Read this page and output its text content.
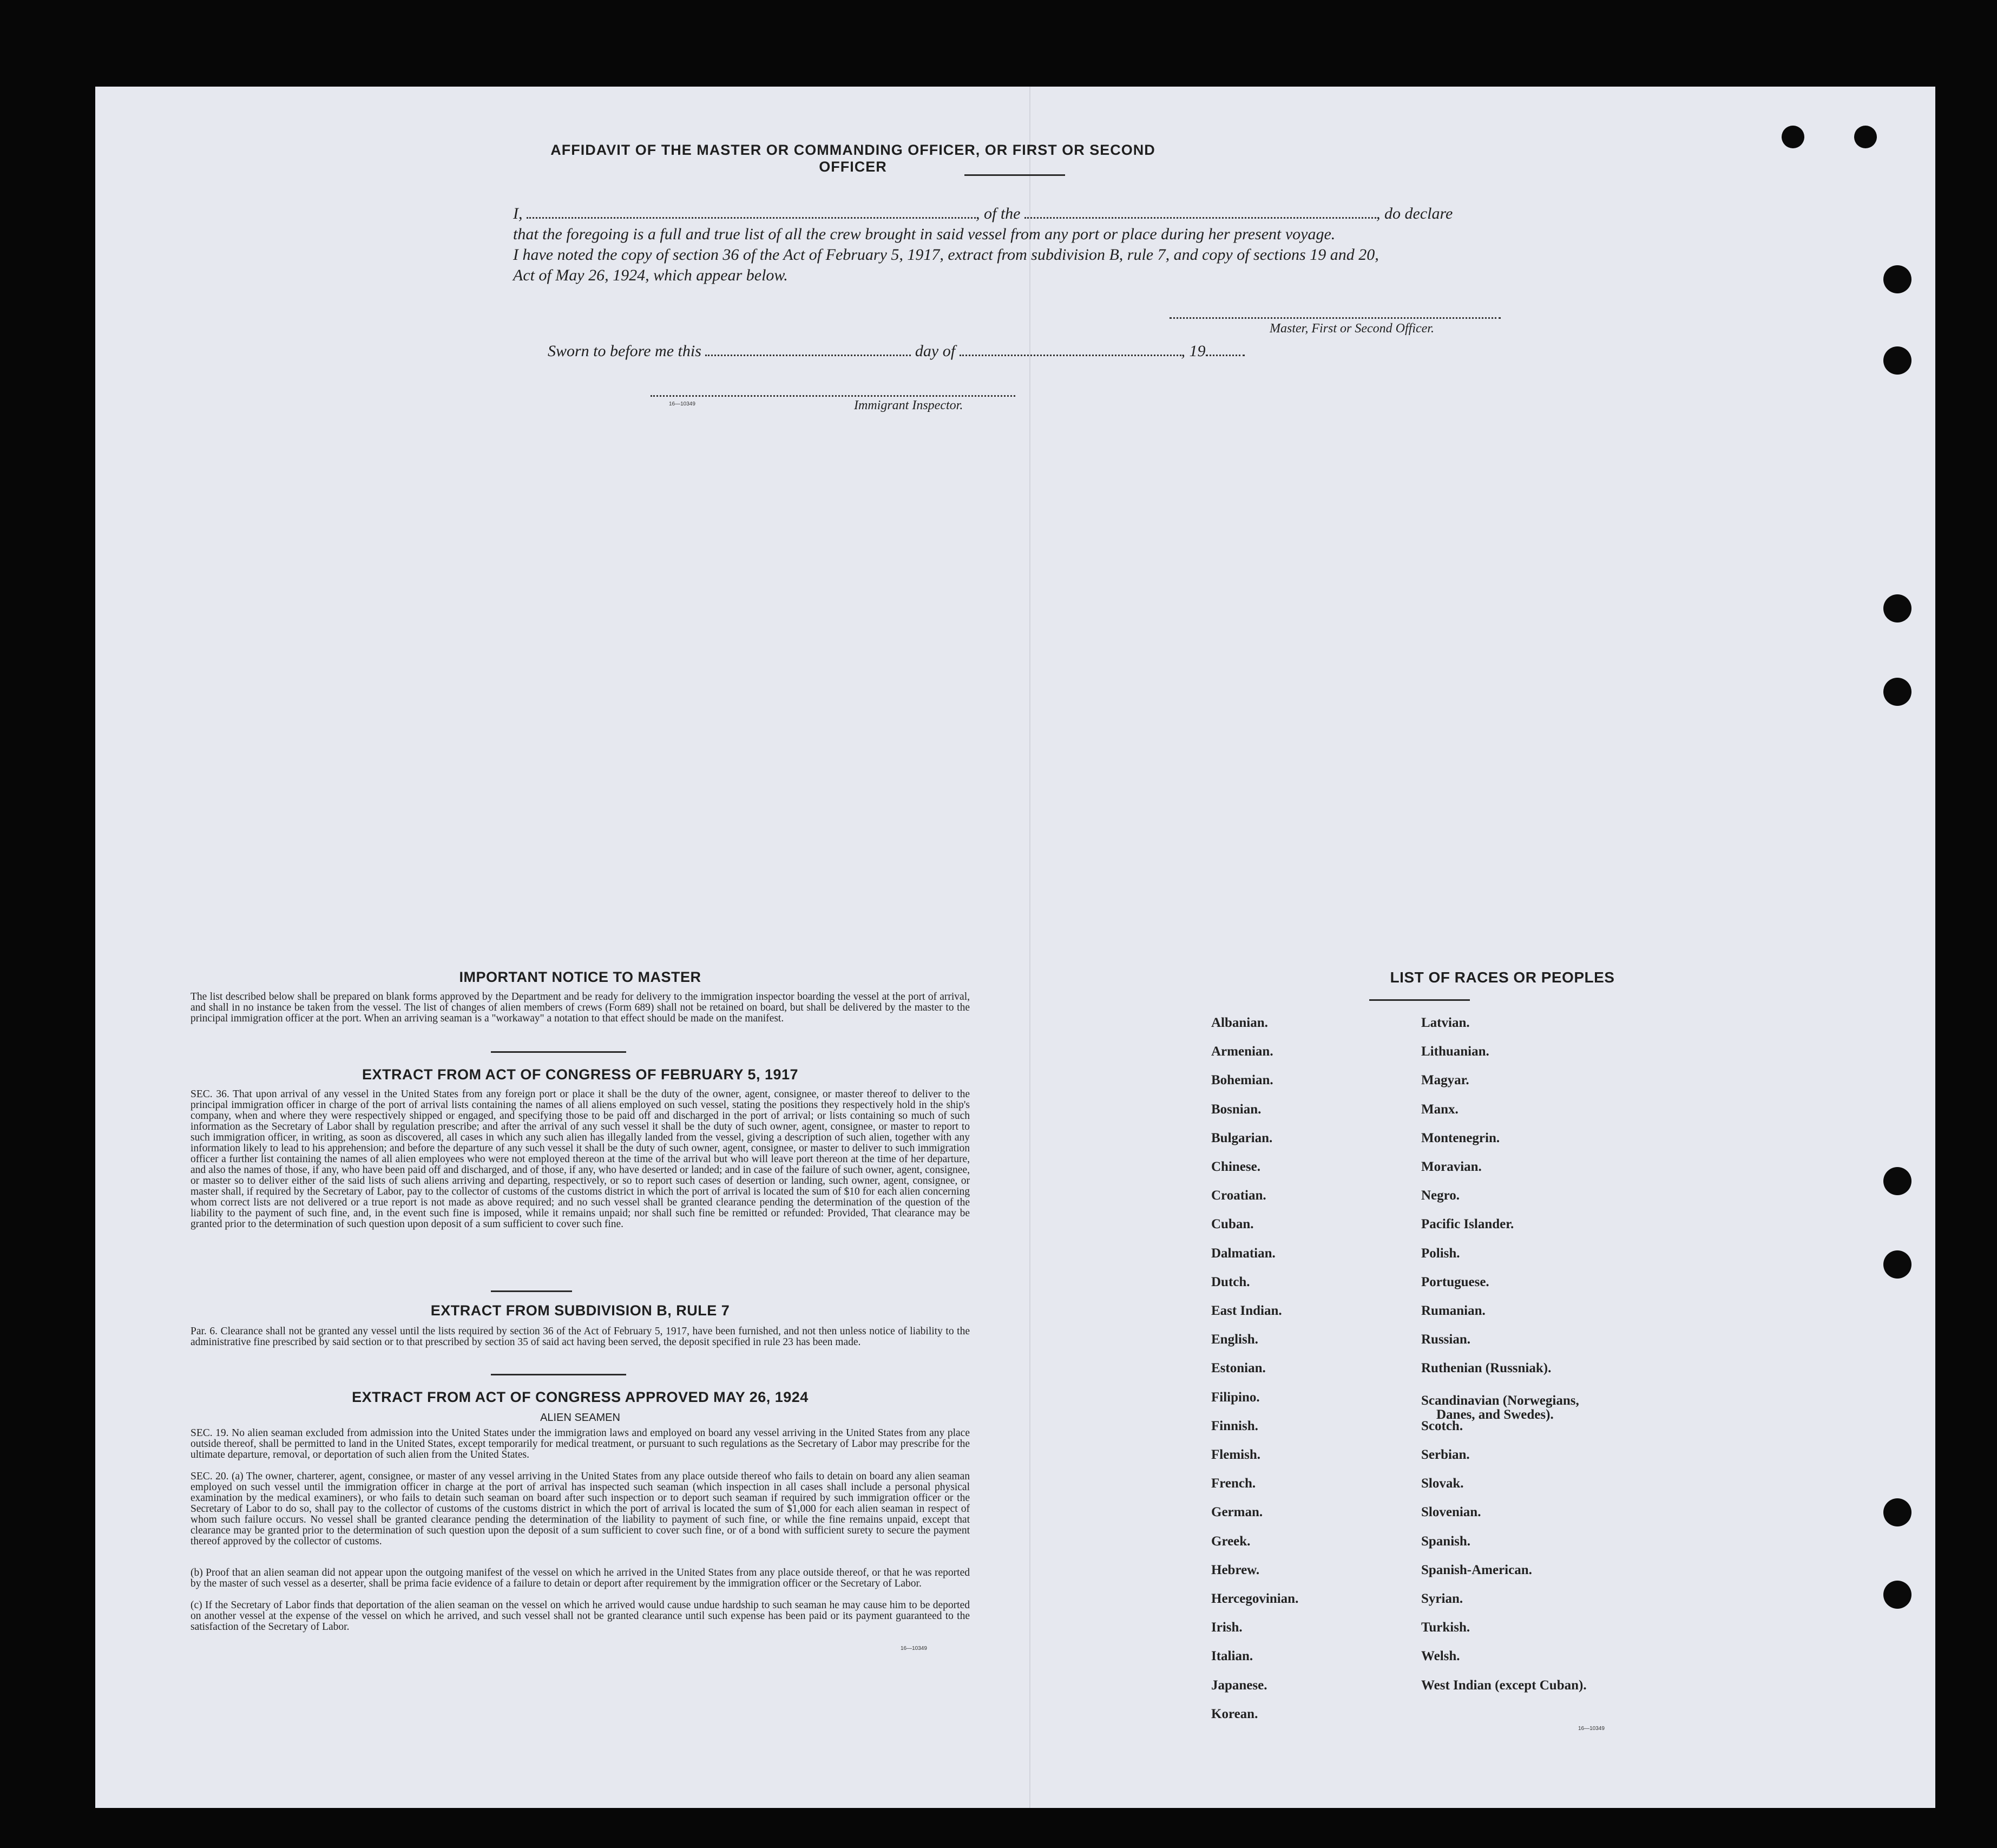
AFFIDAVIT OF THE MASTER OR COMMANDING OFFICER, OR FIRST OR SECOND OFFICER
I,	, of the	, do declare
that the foregoing is a full and true list of all the crew brought in said vessel from any port or place during her present voyage.
I have noted the copy of section 36 of the Act of February 5, 1917, extract from subdivision B, rule 7, and copy of sections 19 and 20,
Act of May 26, 1924, which appear below.
Master, First or Second Officer.
Sworn to before me this	day of	, 19
16—10349	Immigrant Inspector.
IMPORTANT NOTICE TO MASTER
The list described below shall be prepared on blank forms approved by the Department and be ready for delivery to the immigration inspector boarding the vessel at the port of arrival, and shall in no instance be taken from the vessel. The list of changes of alien members of crews (Form 689) shall not be retained on board, but shall be delivered by the master to the principal immigration officer at the port. When an arriving seaman is a "workaway" a notation to that effect should be made on the manifest.
EXTRACT FROM ACT OF CONGRESS OF FEBRUARY 5, 1917
SEC. 36. That upon arrival of any vessel in the United States from any foreign port or place it shall be the duty of the owner, agent, consignee, or master thereof to deliver to the principal immigration officer in charge of the port of arrival lists containing the names of all aliens employed on such vessel, stating the positions they respectively hold in the ship's company, when and where they were respectively shipped or engaged, and specifying those to be paid off and discharged in the port of arrival; or lists containing so much of such information as the Secretary of Labor shall by regulation prescribe; and after the arrival of any such vessel it shall be the duty of such owner, agent, consignee, or master to report to such immigration officer, in writing, as soon as discovered, all cases in which any such alien has illegally landed from the vessel, giving a description of such alien, together with any information likely to lead to his apprehension; and before the departure of any such vessel it shall be the duty of such owner, agent, consignee, or master to deliver to such immigration officer a further list containing the names of all alien employees who were not employed thereon at the time of the arrival but who will leave port thereon at the time of her departure, and also the names of those, if any, who have been paid off and discharged, and of those, if any, who have deserted or landed; and in case of the failure of such owner, agent, consignee, or master so to deliver either of the said lists of such aliens arriving and departing, respectively, or so to report such cases of desertion or landing, such owner, agent, consignee, or master shall, if required by the Secretary of Labor, pay to the collector of customs of the customs district in which the port of arrival is located the sum of $10 for each alien concerning whom correct lists are not delivered or a true report is not made as above required; and no such vessel shall be granted clearance pending the determination of the question of the liability to the payment of such fine, and, in the event such fine is imposed, while it remains unpaid; nor shall such fine be remitted or refunded: Provided, That clearance may be granted prior to the determination of such question upon deposit of a sum sufficient to cover such fine.
EXTRACT FROM SUBDIVISION B, RULE 7
Par. 6. Clearance shall not be granted any vessel until the lists required by section 36 of the Act of February 5, 1917, have been furnished, and not then unless notice of liability to the administrative fine prescribed by said section or to that prescribed by section 35 of said act having been served, the deposit specified in rule 23 has been made.
EXTRACT FROM ACT OF CONGRESS APPROVED MAY 26, 1924
ALIEN SEAMEN
SEC. 19. No alien seaman excluded from admission into the United States under the immigration laws and employed on board any vessel arriving in the United States from any place outside thereof, shall be permitted to land in the United States, except temporarily for medical treatment, or pursuant to such regulations as the Secretary of Labor may prescribe for the ultimate departure, removal, or deportation of such alien from the United States.
SEC. 20. (a) The owner, charterer, agent, consignee, or master of any vessel arriving in the United States from any place outside thereof who fails to detain on board any alien seaman employed on such vessel until the immigration officer in charge at the port of arrival has inspected such seaman (which inspection in all cases shall include a personal physical examination by the medical examiners), or who fails to detain such seaman on board after such inspection or to deport such seaman if required by such immigration officer or the Secretary of Labor to do so, shall pay to the collector of customs of the customs district in which the port of arrival is located the sum of $1,000 for each alien seaman in respect of whom such failure occurs. No vessel shall be granted clearance pending the determination of the liability to payment of such fine, or while the fine remains unpaid, except that clearance may be granted prior to the determination of such question upon the deposit of a sum sufficient to cover such fine, or of a bond with sufficient surety to secure the payment thereof approved by the collector of customs.
(b) Proof that an alien seaman did not appear upon the outgoing manifest of the vessel on which he arrived in the United States from any place outside thereof, or that he was reported by the master of such vessel as a deserter, shall be prima facie evidence of a failure to detain or deport after requirement by the immigration officer or the Secretary of Labor.
(c) If the Secretary of Labor finds that deportation of the alien seaman on the vessel on which he arrived would cause undue hardship to such seaman he may cause him to be deported on another vessel at the expense of the vessel on which he arrived, and such vessel shall not be granted clearance until such expense has been paid or its payment guaranteed to the satisfaction of the Secretary of Labor.
16—10349
LIST OF RACES OR PEOPLES
Albanian.
Armenian.
Bohemian.
Bosnian.
Bulgarian.
Chinese.
Croatian.
Cuban.
Dalmatian.
Dutch.
East Indian.
English.
Estonian.
Filipino.
Finnish.
Flemish.
French.
German.
Greek.
Hebrew.
Hercegovinian.
Irish.
Italian.
Japanese.
Korean.
Latvian.
Lithuanian.
Magyar.
Manx.
Montenegrin.
Moravian.
Negro.
Pacific Islander.
Polish.
Portuguese.
Rumanian.
Russian.
Ruthenian (Russniak).
Scandinavian (Norwegians,
Danes, and Swedes).
Scotch.
Serbian.
Slovak.
Slovenian.
Spanish.
Spanish-American.
Syrian.
Turkish.
Welsh.
West Indian (except Cuban).
16—10349
